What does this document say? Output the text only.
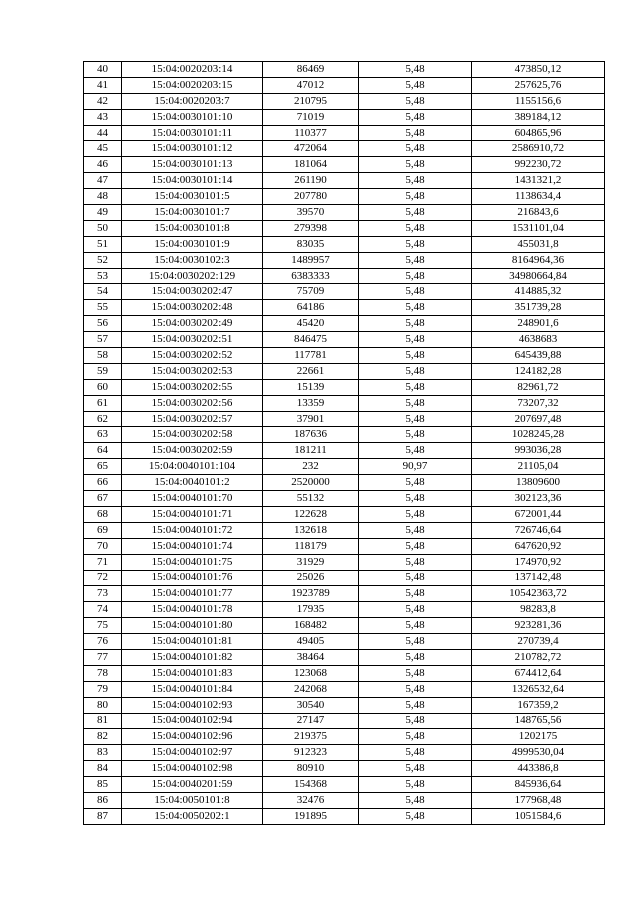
40	15:04:0020203:14	86469	5,48	473850,12
41	15:04:0020203:15	47012	5,48	257625,76
42	15:04:0020203:7	210795	5,48	1155156,6
43	15:04:0030101:10	71019	5,48	389184,12
44	15:04:0030101:11	110377	5,48	604865,96
45	15:04:0030101:12	472064	5,48	2586910,72
46	15:04:0030101:13	181064	5,48	992230,72
47	15:04:0030101:14	261190	5,48	1431321,2
48	15:04:0030101:5	207780	5,48	1138634,4
49	15:04:0030101:7	39570	5,48	216843,6
50	15:04:0030101:8	279398	5,48	1531101,04
51	15:04:0030101:9	83035	5,48	455031,8
52	15:04:0030102:3	1489957	5,48	8164964,36
53	15:04:0030202:129	6383333	5,48	34980664,84
54	15:04:0030202:47	75709	5,48	414885,32
55	15:04:0030202:48	64186	5,48	351739,28
56	15:04:0030202:49	45420	5,48	248901,6
57	15:04:0030202:51	846475	5,48	4638683
58	15:04:0030202:52	117781	5,48	645439,88
59	15:04:0030202:53	22661	5,48	124182,28
60	15:04:0030202:55	15139	5,48	82961,72
61	15:04:0030202:56	13359	5,48	73207,32
62	15:04:0030202:57	37901	5,48	207697,48
63	15:04:0030202:58	187636	5,48	1028245,28
64	15:04:0030202:59	181211	5,48	993036,28
65	15:04:0040101:104	232	90,97	21105,04
66	15:04:0040101:2	2520000	5,48	13809600
67	15:04:0040101:70	55132	5,48	302123,36
68	15:04:0040101:71	122628	5,48	672001,44
69	15:04:0040101:72	132618	5,48	726746,64
70	15:04:0040101:74	118179	5,48	647620,92
71	15:04:0040101:75	31929	5,48	174970,92
72	15:04:0040101:76	25026	5,48	137142,48
73	15:04:0040101:77	1923789	5,48	10542363,72
74	15:04:0040101:78	17935	5,48	98283,8
75	15:04:0040101:80	168482	5,48	923281,36
76	15:04:0040101:81	49405	5,48	270739,4
77	15:04:0040101:82	38464	5,48	210782,72
78	15:04:0040101:83	123068	5,48	674412,64
79	15:04:0040101:84	242068	5,48	1326532,64
80	15:04:0040102:93	30540	5,48	167359,2
81	15:04:0040102:94	27147	5,48	148765,56
82	15:04:0040102:96	219375	5,48	1202175
83	15:04:0040102:97	912323	5,48	4999530,04
84	15:04:0040102:98	80910	5,48	443386,8
85	15:04:0040201:59	154368	5,48	845936,64
86	15:04:0050101:8	32476	5,48	177968,48
87	15:04:0050202:1	191895	5,48	1051584,6
